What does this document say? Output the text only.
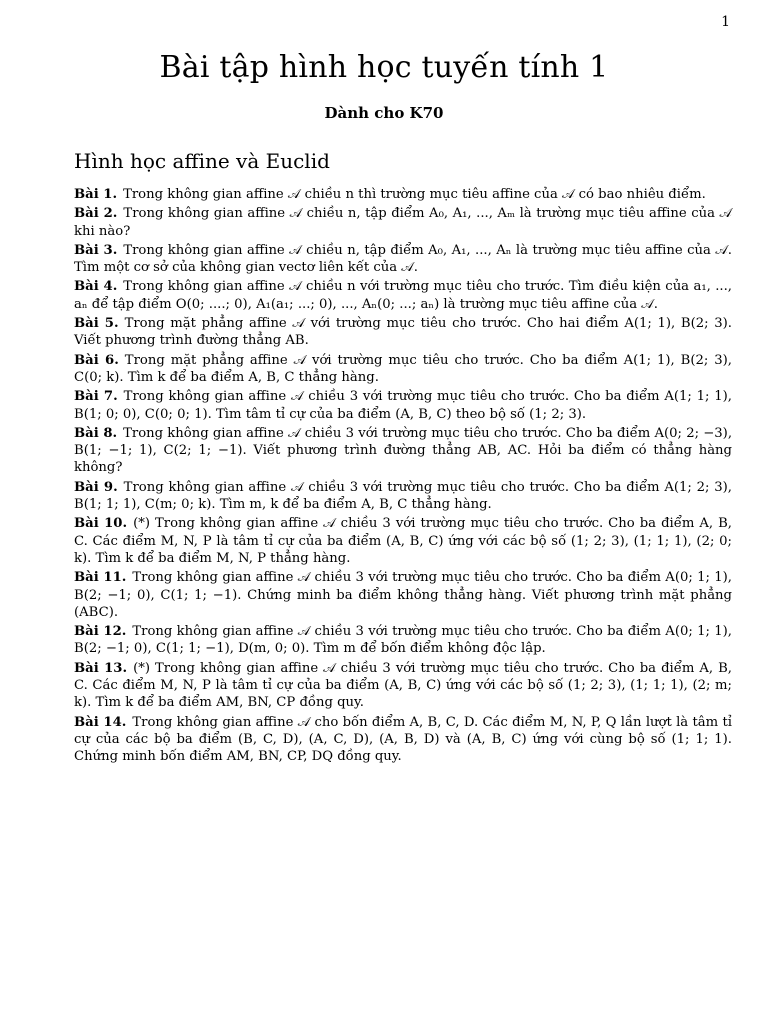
1
Bài tập hình học tuyến tính 1
Dành cho K70
Hình học affine và Euclid
Bài 1. Trong không gian affine 𝒜 chiều n thì trường mục tiêu affine của 𝒜 có bao nhiêu điểm.
Bài 2. Trong không gian affine 𝒜 chiều n, tập điểm A₀, A₁, ..., Aₘ là trường mục tiêu affine của 𝒜 khi nào?
Bài 3. Trong không gian affine 𝒜 chiều n, tập điểm A₀, A₁, ..., Aₙ là trường mục tiêu affine của 𝒜. Tìm một cơ sở của không gian vectơ liên kết của 𝒜.
Bài 4. Trong không gian affine 𝒜 chiều n với trường mục tiêu cho trước. Tìm điều kiện của a₁, ..., aₙ để tập điểm O(0; ....; 0), A₁(a₁; ...; 0), ..., Aₙ(0; ...; aₙ) là trường mục tiêu affine của 𝒜.
Bài 5. Trong mặt phẳng affine 𝒜 với trường mục tiêu cho trước. Cho hai điểm A(1; 1), B(2; 3). Viết phương trình đường thẳng AB.
Bài 6. Trong mặt phẳng affine 𝒜 với trường mục tiêu cho trước. Cho ba điểm A(1; 1), B(2; 3), C(0; k). Tìm k để ba điểm A, B, C thẳng hàng.
Bài 7. Trong không gian affine 𝒜 chiều 3 với trường mục tiêu cho trước. Cho ba điểm A(1; 1; 1), B(1; 0; 0), C(0; 0; 1). Tìm tâm tỉ cự của ba điểm (A, B, C) theo bộ số (1; 2; 3).
Bài 8. Trong không gian affine 𝒜 chiều 3 với trường mục tiêu cho trước. Cho ba điểm A(0; 2; −3), B(1; −1; 1), C(2; 1; −1). Viết phương trình đường thẳng AB, AC. Hỏi ba điểm có thẳng hàng không?
Bài 9. Trong không gian affine 𝒜 chiều 3 với trường mục tiêu cho trước. Cho ba điểm A(1; 2; 3), B(1; 1; 1), C(m; 0; k). Tìm m, k để ba điểm A, B, C thẳng hàng.
Bài 10. (*) Trong không gian affine 𝒜 chiều 3 với trường mục tiêu cho trước. Cho ba điểm A, B, C. Các điểm M, N, P là tâm tỉ cự của ba điểm (A, B, C) ứng với các bộ số (1; 2; 3), (1; 1; 1), (2; 0; k). Tìm k để ba điểm M, N, P thẳng hàng.
Bài 11. Trong không gian affine 𝒜 chiều 3 với trường mục tiêu cho trước. Cho ba điểm A(0; 1; 1), B(2; −1; 0), C(1; 1; −1). Chứng minh ba điểm không thẳng hàng. Viết phương trình mặt phẳng (ABC).
Bài 12. Trong không gian affine 𝒜 chiều 3 với trường mục tiêu cho trước. Cho ba điểm A(0; 1; 1), B(2; −1; 0), C(1; 1; −1), D(m, 0; 0). Tìm m để bốn điểm không độc lập.
Bài 13. (*) Trong không gian affine 𝒜 chiều 3 với trường mục tiêu cho trước. Cho ba điểm A, B, C. Các điểm M, N, P là tâm tỉ cự của ba điểm (A, B, C) ứng với các bộ số (1; 2; 3), (1; 1; 1), (2; m; k). Tìm k để ba điểm AM, BN, CP đồng quy.
Bài 14. Trong không gian affine 𝒜 cho bốn điểm A, B, C, D. Các điểm M, N, P, Q lần lượt là tâm tỉ cự của các bộ ba điểm (B, C, D), (A, C, D), (A, B, D) và (A, B, C) ứng với cùng bộ số (1; 1; 1). Chứng minh bốn điểm AM, BN, CP, DQ đồng quy.
